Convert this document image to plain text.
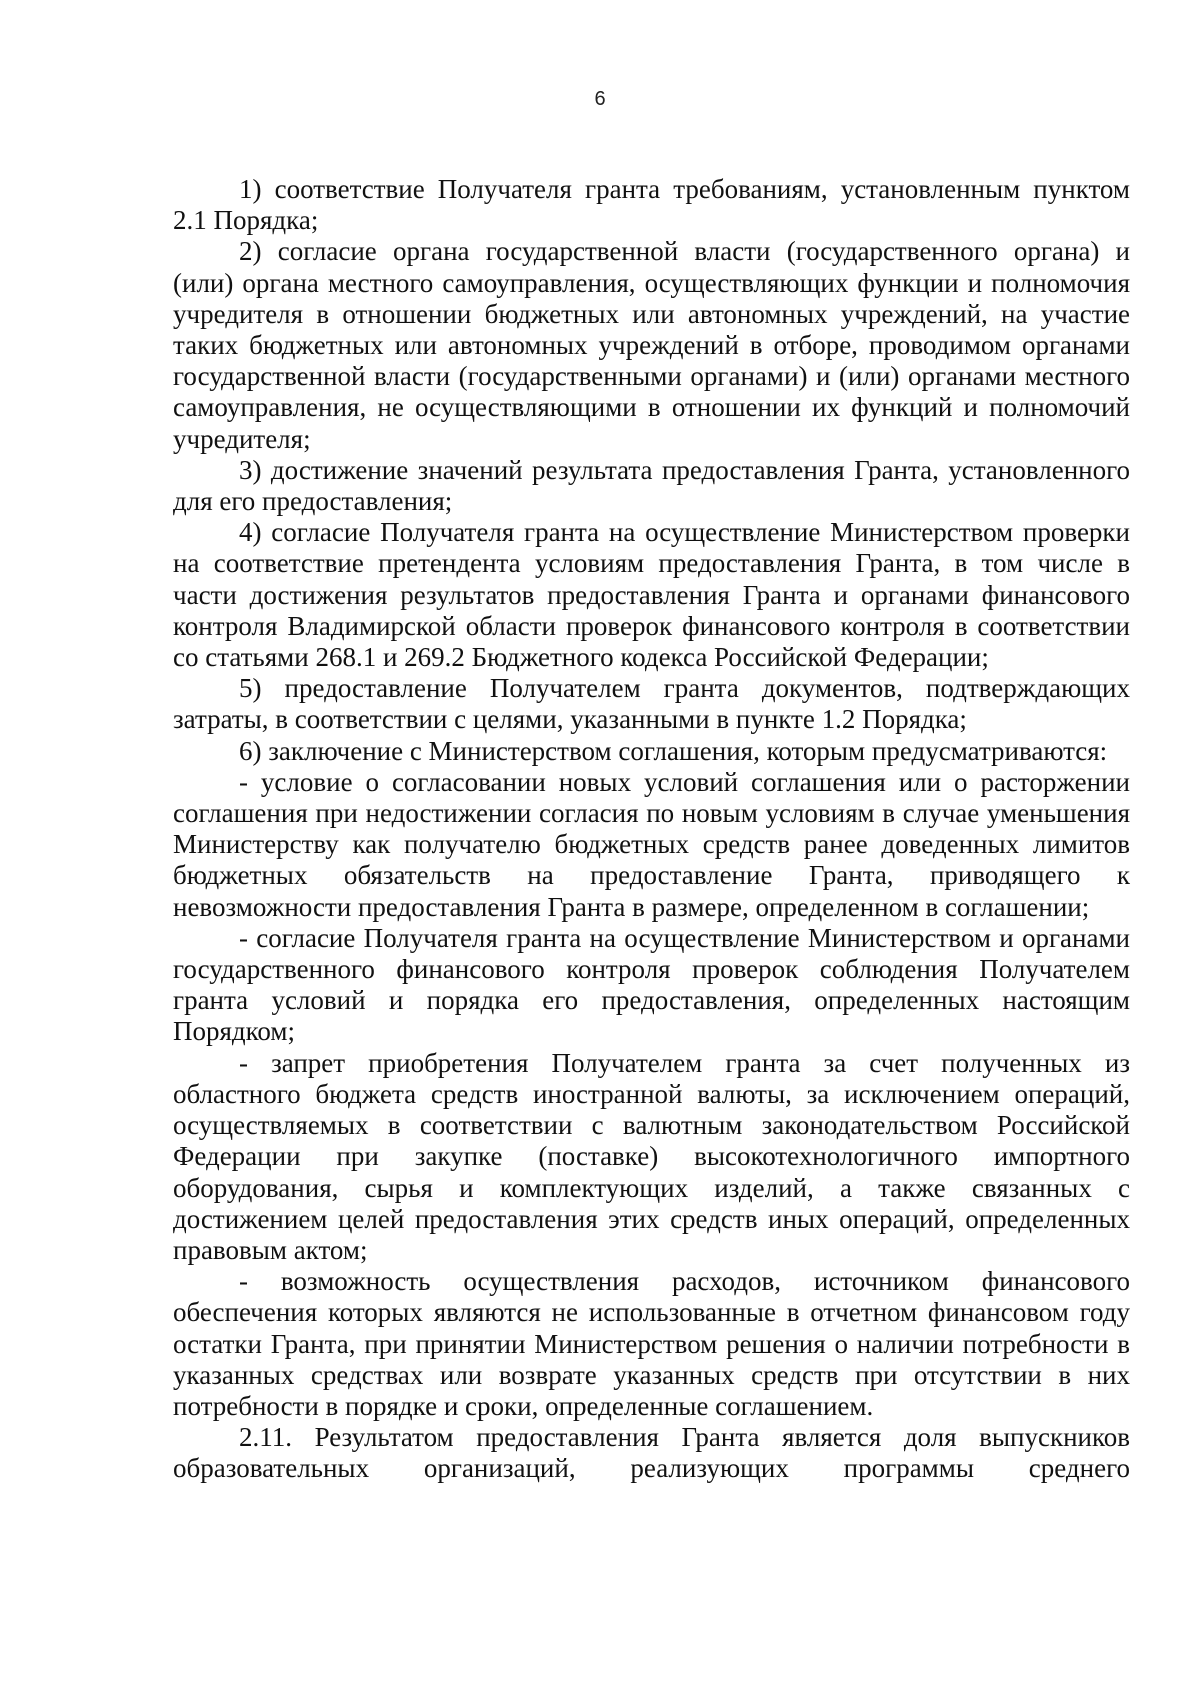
6

1) соответствие Получателя гранта требованиям, установленным пунктом 2.1 Порядка;

2) согласие органа государственной власти (государственного органа) и (или) органа местного самоуправления, осуществляющих функции и полномочия учредителя в отношении бюджетных или автономных учреждений, на участие таких бюджетных или автономных учреждений в отборе, проводимом органами государственной власти (государственными органами) и (или) органами местного самоуправления, не осуществляющими в отношении их функций и полномочий учредителя;

3) достижение значений результата предоставления Гранта, установленного для его предоставления;

4) согласие Получателя гранта на осуществление Министерством проверки на соответствие претендента условиям предоставления Гранта, в том числе в части достижения результатов предоставления Гранта и органами финансового контроля Владимирской области проверок финансового контроля в соответствии со статьями 268.1 и 269.2 Бюджетного кодекса Российской Федерации;

5) предоставление Получателем гранта документов, подтверждающих затраты, в соответствии с целями, указанными в пункте 1.2 Порядка;

6) заключение с Министерством соглашения, которым предусматриваются:

- условие о согласовании новых условий соглашения или о расторжении соглашения при недостижении согласия по новым условиям в случае уменьшения Министерству как получателю бюджетных средств ранее доведенных лимитов бюджетных обязательств на предоставление Гранта, приводящего к невозможности предоставления Гранта в размере, определенном в соглашении;

- согласие Получателя гранта на осуществление Министерством и органами государственного финансового контроля проверок соблюдения Получателем гранта условий и порядка его предоставления, определенных настоящим Порядком;

- запрет приобретения Получателем гранта за счет полученных из областного бюджета средств иностранной валюты, за исключением операций, осуществляемых в соответствии с валютным законодательством Российской Федерации при закупке (поставке) высокотехнологичного импортного оборудования, сырья и комплектующих изделий, а также связанных с достижением целей предоставления этих средств иных операций, определенных правовым актом;

- возможность осуществления расходов, источником финансового обеспечения которых являются не использованные в отчетном финансовом году остатки Гранта, при принятии Министерством решения о наличии потребности в указанных средствах или возврате указанных средств при отсутствии в них потребности в порядке и сроки, определенные соглашением.

2.11. Результатом предоставления Гранта является доля выпускников образовательных организаций, реализующих программы среднего
